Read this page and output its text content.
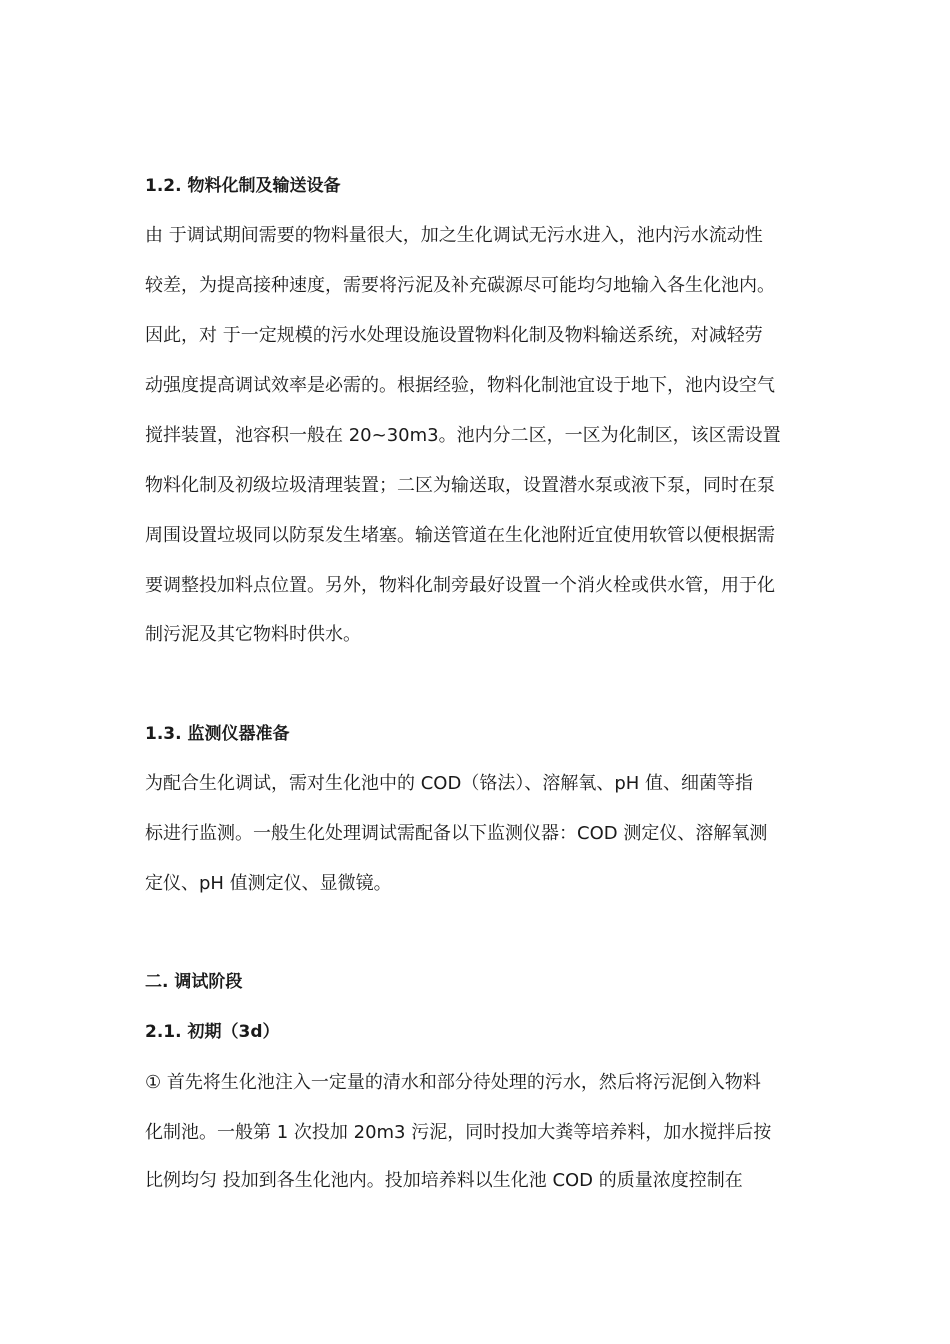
1.2. 物料化制及输送设备
由 于调试期间需要的物料量很大，加之生化调试无污水进入，池内污水流动性
较差，为提高接种速度，需要将污泥及补充碳源尽可能均匀地输入各生化池内。
因此，对 于一定规模的污水处理设施设置物料化制及物料输送系统，对减轻劳
动强度提高调试效率是必需的。根据经验，物料化制池宜设于地下，池内设空气
搅拌装置，池容积一般在 20~30m3。池内分二区，一区为化制区，该区需设置
物料化制及初级垃圾清理装置；二区为输送取，设置潜水泵或液下泵，同时在泵
周围设置垃圾同以防泵发生堵塞。输送管道在生化池附近宜使用软管以便根据需
要调整投加料点位置。另外，物料化制旁最好设置一个消火栓或供水管，用于化
制污泥及其它物料时供水。
1.3. 监测仪器准备
为配合生化调试，需对生化池中的 COD（铬法）、溶解氧、pH 值、细菌等指
标进行监测。一般生化处理调试需配备以下监测仪器：COD 测定仪、溶解氧测
定仪、pH 值测定仪、显微镜。
二. 调试阶段
2.1. 初期（3d）
① 首先将生化池注入一定量的清水和部分待处理的污水，然后将污泥倒入物料
化制池。一般第 1 次投加 20m3 污泥，同时投加大粪等培养料，加水搅拌后按
比例均匀 投加到各生化池内。投加培养料以生化池 COD 的质量浓度控制在
